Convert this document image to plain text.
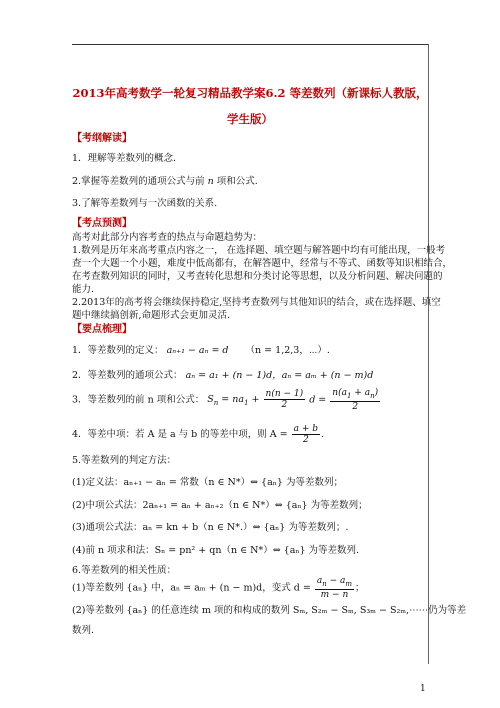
2013年高考数学一轮复习精品教学案6.2 等差数列（新课标人教版，
学生版）
【考纲解读】
1．理解等差数列的概念.
2.掌握等差数列的通项公式与前 n 项和公式.
3.了解等差数列与一次函数的关系.
【考点预测】
高考对此部分内容考查的热点与命题趋势为：
1.数列是历年来高考重点内容之一， 在选择题、填空题与解答题中均有可能出现，一般考
查一个大题一个小题，难度中低高都有，在解答题中，经常与不等式、函数等知识相结合，
在考查数列知识的同时，又考查转化思想和分类讨论等思想，以及分析问题、解决问题的
能力.
2.2013年的高考将会继续保持稳定,坚持考查数列与其他知识的结合，或在选择题、填空
题中继续搞创新,命题形式会更加灵活.
【要点梳理】
1．等差数列的定义： aₙ₊₁ − aₙ = d （n = 1,2,3，⋯）.
2．等差数列的通项公式： aₙ = a₁ + (n − 1)d，aₙ = aₘ + (n − m)d
3．等差数列的前 n 项和公式： $S_n = na_1 + \frac{n(n - 1)}{2}$ $d = \frac{n(a_1 + a_n)}{2}$
4．等差中项：若 A 是 a 与 b 的等差中项，则 $A = \frac{a + b}{2}$ .
5.等差数列的判定方法：
(1)定义法：aₙ₊₁ − aₙ = 常数（n ∈ N*）⇔ {aₙ} 为等差数列；
(2)中项公式法：2aₙ₊₁ = aₙ + aₙ₊₂（n ∈ N*）⇔ {aₙ} 为等差数列；
(3)通项公式法：aₙ = kn + b（n ∈ N*.）⇔ {aₙ} 为等差数列；.
(4)前 n 项求和法：Sₙ = pn² + qn（n ∈ N*）⇔ {aₙ} 为等差数列.
6.等差数列的相关性质：
(1)等差数列 {aₙ} 中，aₙ = aₘ + (n − m)d，变式 $d = \frac{a_n - a_m}{m - n}$ ；
(2)等差数列 {aₙ} 的任意连续 m 项的和构成的数列 Sₘ, S₂ₘ − Sₘ, S₃ₘ − S₂ₘ,⋯⋯仍为等差
数列.
1
